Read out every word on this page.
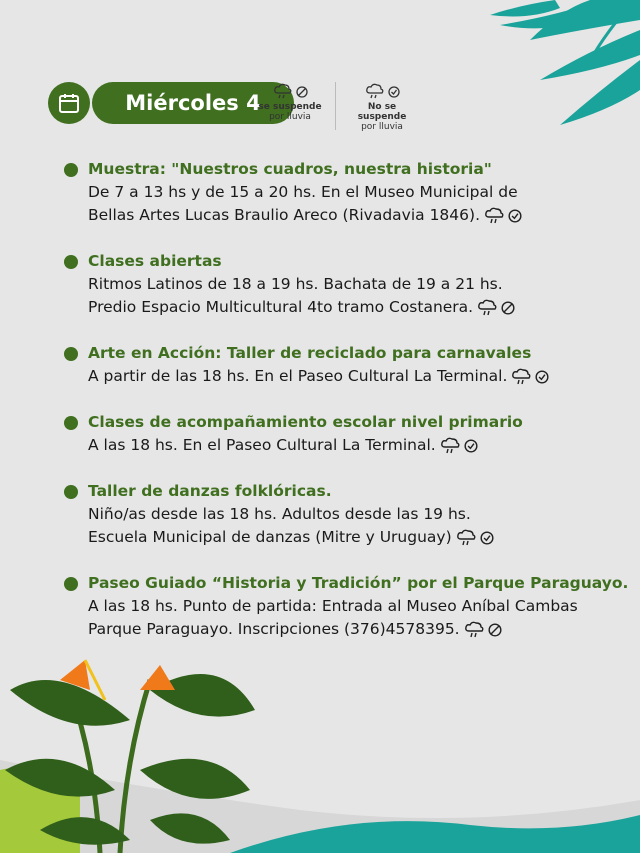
Miércoles 4
se suspende
por lluvia
No se suspende
por lluvia
Muestra: "Nuestros cuadros, nuestra historia"
De 7 a 13 hs y de 15 a 20 hs. En el Museo Municipal de
Bellas Artes Lucas Braulio Areco (Rivadavia 1846).
Clases abiertas
Ritmos Latinos de 18 a 19 hs. Bachata de 19 a 21 hs.
Predio Espacio Multicultural 4to tramo Costanera.
Arte en Acción: Taller de reciclado para carnavales
A partir de las 18 hs. En el Paseo Cultural La Terminal.
Clases de acompañamiento escolar nivel primario
A las 18 hs. En el Paseo Cultural La Terminal.
Taller de danzas folklóricas.
Niño/as desde las 18 hs. Adultos desde las 19 hs.
Escuela Municipal de danzas (Mitre y Uruguay)
Paseo Guiado “Historia y Tradición” por el Parque Paraguayo.
A las 18 hs. Punto de partida: Entrada al Museo Aníbal Cambas
Parque Paraguayo. Inscripciones (376)4578395.
